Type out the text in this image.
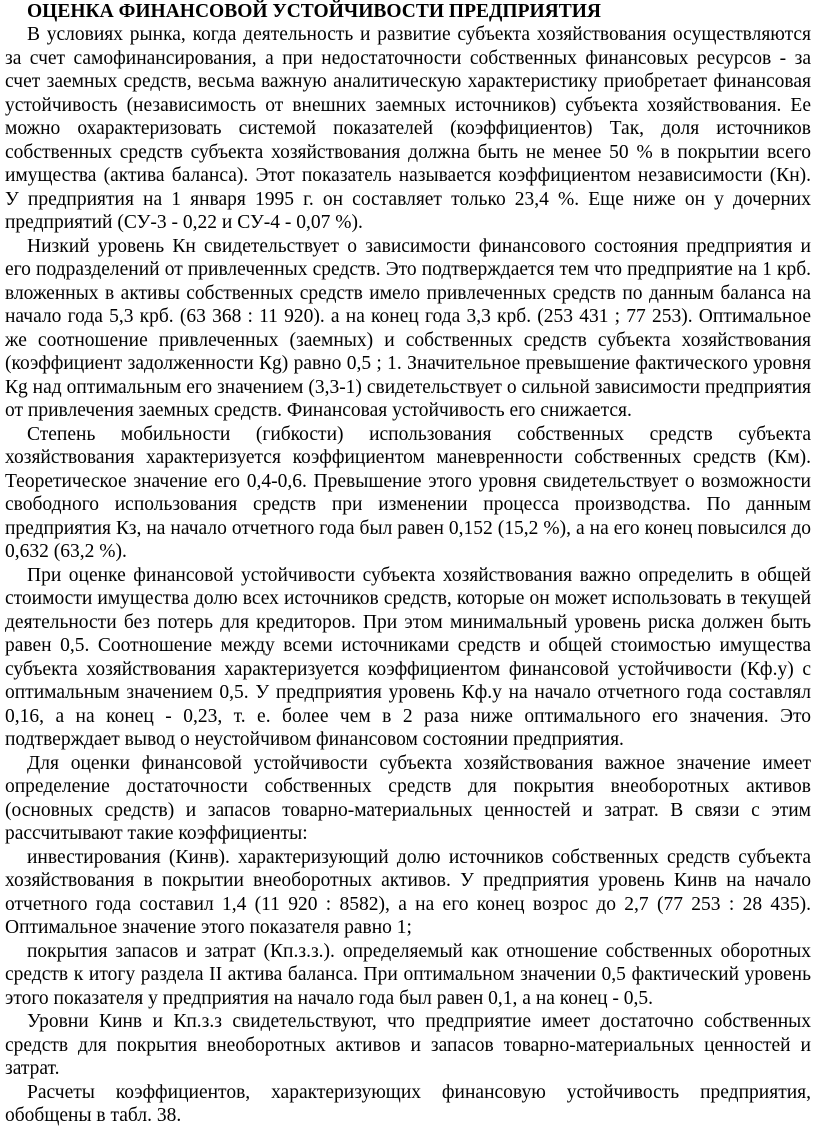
ОЦЕНКА ФИНАНСОВОЙ УСТОЙЧИВОСТИ ПРЕДПРИЯТИЯ

В условиях рынка, когда деятельность и развитие субъекта хозяйствования осуществляются за счет самофинансирования, а при недостаточности собственных финансовых ресурсов - за счет заемных средств, весьма важную аналитическую характеристику приобретает финансовая устойчивость (независимость от внешних заемных источников) субъекта хозяйствования. Ее можно охарактеризовать системой показателей (коэффициентов) Так, доля источников собственных средств субъекта хозяйствования должна быть не менее 50 % в покрытии всего имущества (актива баланса). Этот показатель называется коэффициентом независимости (Кн). У предприятия на 1 января 1995 г. он составляет только 23,4 %. Еще ниже он у дочерних предприятий (СУ-3 - 0,22 и СУ-4 - 0,07 %).

Низкий уровень Кн свидетельствует о зависимости финансового состояния предприятия и его подразделений от привлеченных средств. Это подтверждается тем что предприятие на 1 крб. вложенных в активы собственных средств имело привлеченных средств по данным баланса на начало года 5,3 крб. (63 368 : 11 920). а на конец года 3,3 крб. (253 431 ; 77 253). Оптимальное же соотношение привлеченных (заемных) и собственных средств субъекта хозяйствования (коэффициент задолженности Кg) равно 0,5 ; 1. Значительное превышение фактического уровня Кg над оптимальным его значением (3,3-1) свидетельствует о сильной зависимости предприятия от привлечения заемных средств. Финансовая устойчивость его снижается.

Степень мобильности (гибкости) использования собственных средств субъекта хозяйствования характеризуется коэффициентом маневренности собственных средств (Км). Теоретическое значение его 0,4-0,6. Превышение этого уровня свидетельствует о возможности свободного использования средств при изменении процесса производства. По данным предприятия Кз, на начало отчетного года был равен 0,152 (15,2 %), а на его конец повысился до 0,632 (63,2 %).

При оценке финансовой устойчивости субъекта хозяйствования важно определить в общей стоимости имущества долю всех источников средств, которые он может использовать в текущей деятельности без потерь для кредиторов. При этом минимальный уровень риска должен быть равен 0,5. Соотношение между всеми источниками средств и общей стоимостью имущества субъекта хозяйствования характеризуется коэффициентом финансовой устойчивости (Кф.у) с оптимальным значением 0,5. У предприятия уровень Кф.у на начало отчетного года составлял 0,16, а на конец - 0,23, т. е. более чем в 2 раза ниже оптимального его значения. Это подтверждает вывод о неустойчивом финансовом состоянии предприятия.

Для оценки финансовой устойчивости субъекта хозяйствования важное значение имеет определение достаточности собственных средств для покрытия внеоборотных активов (основных средств) и запасов товарно-материальных ценностей и затрат. В связи с этим рассчитывают такие коэффициенты:

инвестирования (Кинв). характеризующий долю источников собственных средств субъекта хозяйствования в покрытии внеоборотных активов. У предприятия уровень Кинв на начало отчетного года составил 1,4 (11 920 : 8582), а на его конец возрос до 2,7 (77 253 : 28 435). Оптимальное значение этого показателя равно 1;

покрытия запасов и затрат (Кп.з.з.). определяемый как отношение собственных оборотных средств к итогу раздела II актива баланса. При оптимальном значении 0,5 фактический уровень этого показателя у предприятия на начало года был равен 0,1, а на конец - 0,5.

Уровни Кинв и Кп.з.з свидетельствуют, что предприятие имеет достаточно собственных средств для покрытия внеоборотных активов и запасов товарно-материальных ценностей и затрат.

Расчеты коэффициентов, характеризующих финансовую устойчивость предприятия, обобщены в табл. 38.
